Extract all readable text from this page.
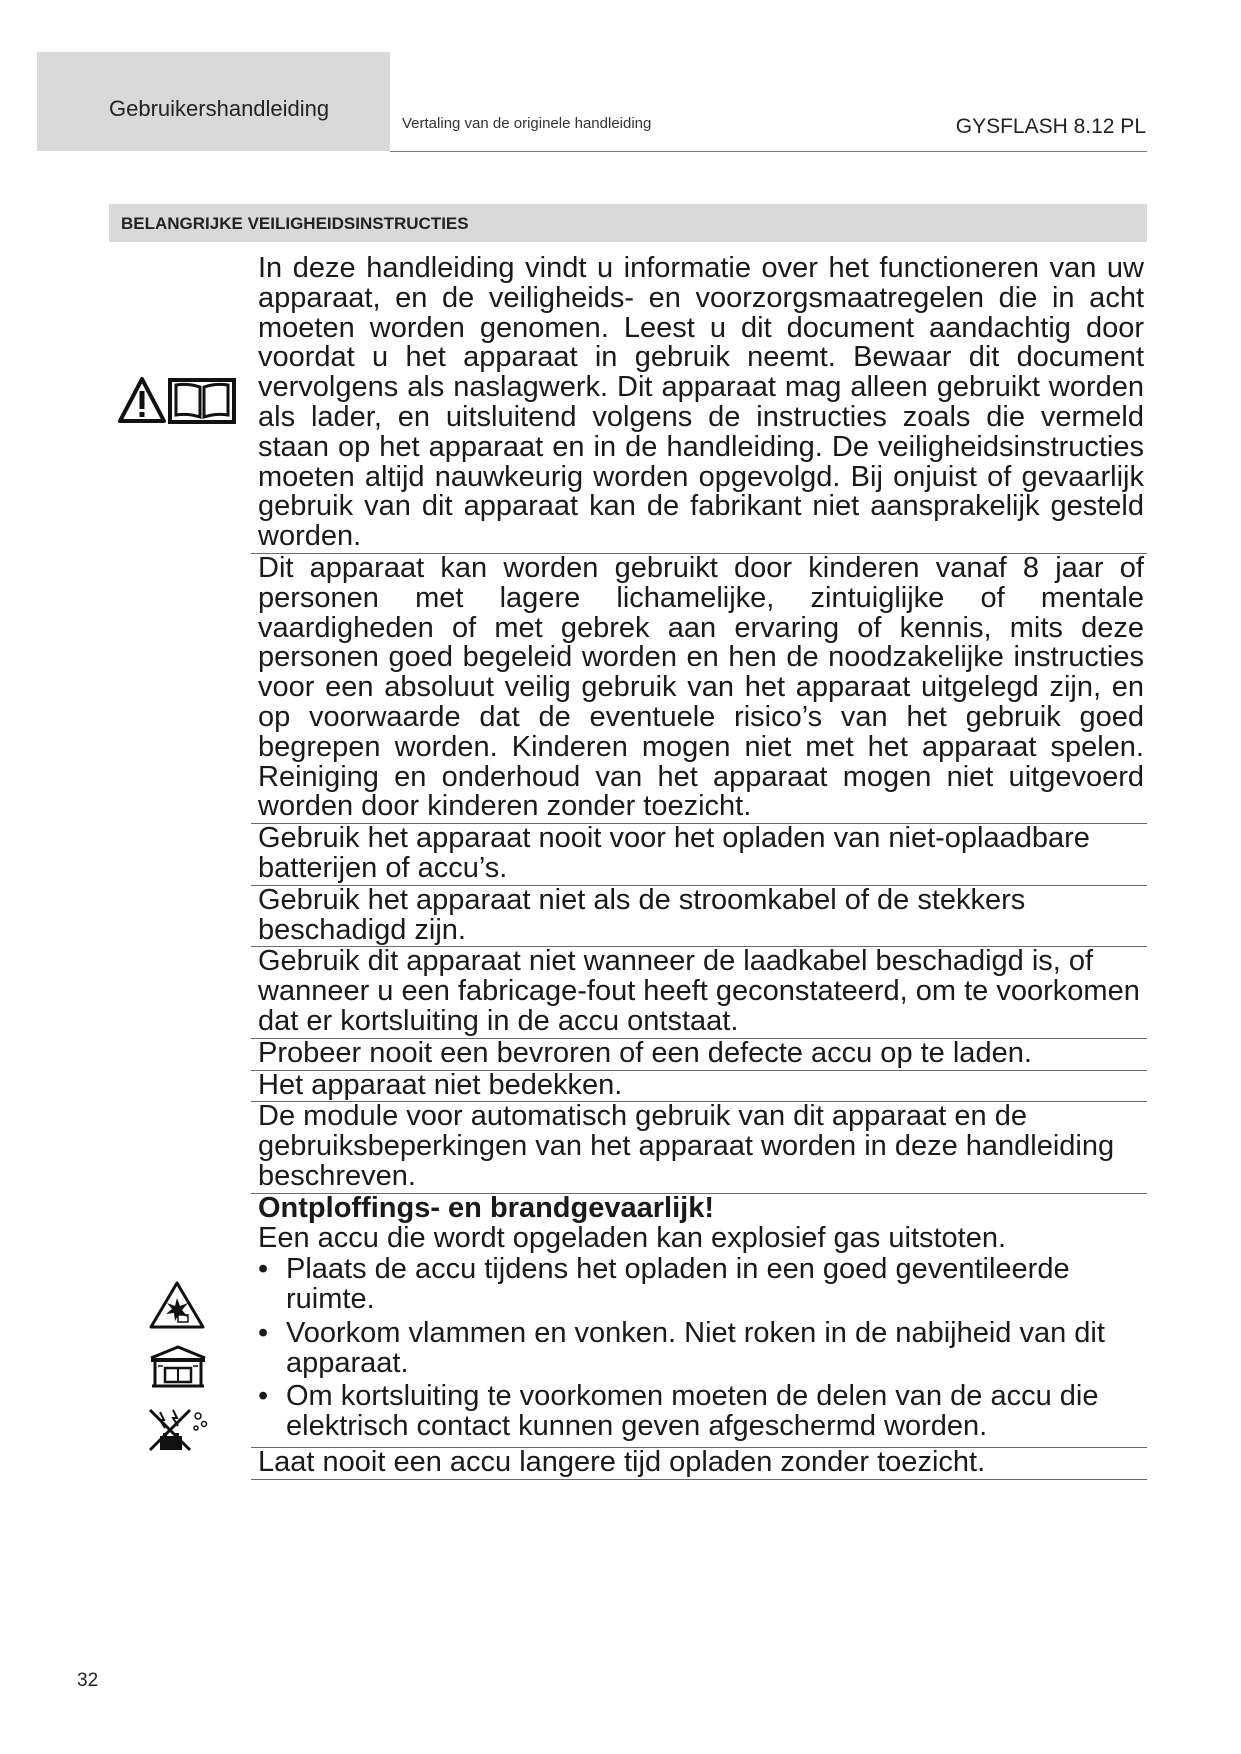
Gebruikershandleiding
Vertaling van de originele handleiding	GYSFLASH 8.12 PL
BELANGRIJKE VEILIGHEIDSINSTRUCTIES

In deze handleiding vindt u informatie over het functioneren van uw apparaat, en de veiligheids- en voorzorgsmaatregelen die in acht moeten worden genomen. Leest u dit document aandachtig door voordat u het apparaat in gebruik neemt. Bewaar dit document vervolgens als naslagwerk. Dit apparaat mag alleen gebruikt worden als lader, en uitsluitend volgens de instructies zoals die vermeld staan op het apparaat en in de handleiding. De veiligheidsinstructies moeten altijd nauwkeurig worden opgevolgd. Bij onjuist of gevaarlijk gebruik van dit apparaat kan de fabrikant niet aansprakelijk gesteld worden.

Dit apparaat kan worden gebruikt door kinderen vanaf 8 jaar of personen met lagere lichamelijke, zintuiglijke of mentale vaardigheden of met gebrek aan ervaring of kennis, mits deze personen goed begeleid worden en hen de noodzakelijke instructies voor een absoluut veilig gebruik van het apparaat uitgelegd zijn, en op voorwaarde dat de eventuele risico’s van het gebruik goed begrepen worden. Kinderen mogen niet met het apparaat spelen. Reiniging en onderhoud van het apparaat mogen niet uitgevoerd worden door kinderen zonder toezicht.

Gebruik het apparaat nooit voor het opladen van niet-oplaadbare batterijen of accu’s.

Gebruik het apparaat niet als de stroomkabel of de stekkers beschadigd zijn.

Gebruik dit apparaat niet wanneer de laadkabel beschadigd is, of wanneer u een fabricage-fout heeft geconstateerd, om te voorkomen dat er kortsluiting in de accu ontstaat.

Probeer nooit een bevroren of een defecte accu op te laden.

Het apparaat niet bedekken.

De module voor automatisch gebruik van dit apparaat en de gebruiksbeperkingen van het apparaat worden in deze handleiding beschreven.

Ontploffings- en brandgevaarlijk!

Een accu die wordt opgeladen kan explosief gas uitstoten.

• Plaats de accu tijdens het opladen in een goed geventileerde ruimte.
• Voorkom vlammen en vonken. Niet roken in de nabijheid van dit apparaat.
• Om kortsluiting te voorkomen moeten de delen van de accu die elektrisch contact kunnen geven afgeschermd worden.

Laat nooit een accu langere tijd opladen zonder toezicht.

32
